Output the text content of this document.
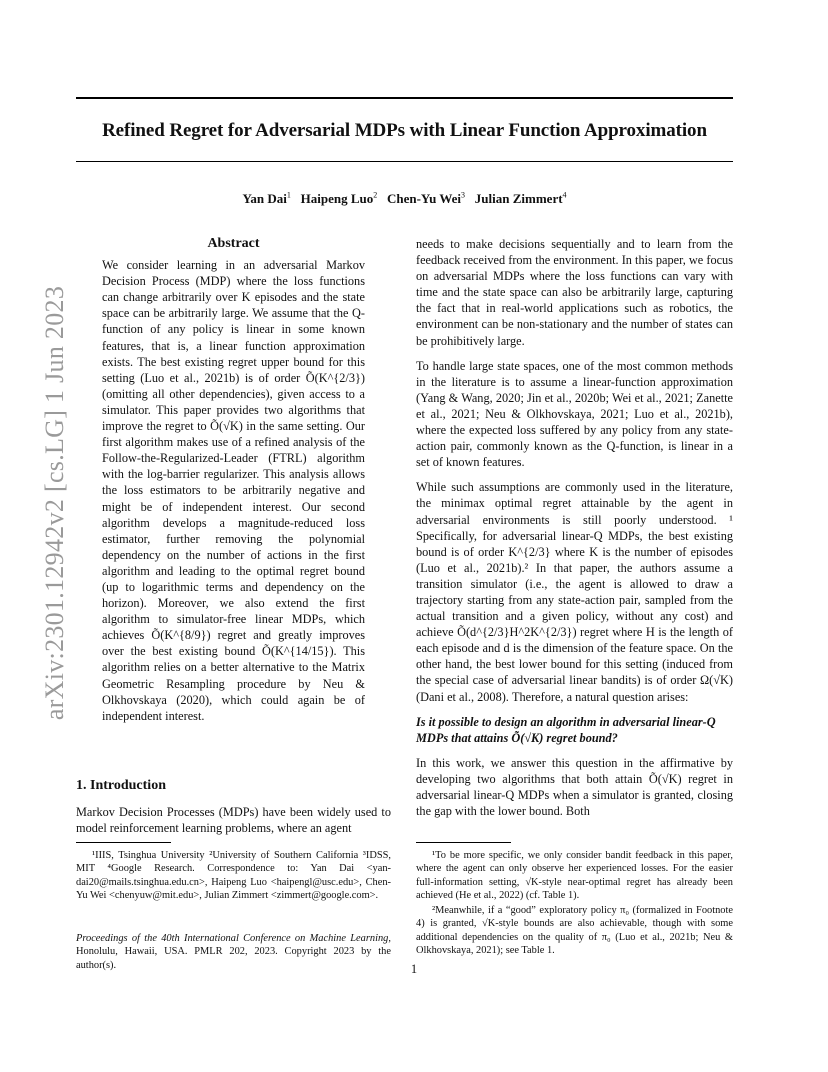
Refined Regret for Adversarial MDPs with Linear Function Approximation
Yan Dai$^1$ Haipeng Luo$^2$ Chen-Yu Wei$^3$ Julian Zimmert$^4$
arXiv:2301.12942v2 [cs.LG] 1 Jun 2023

Abstract

We consider learning in an adversarial Markov Decision Process (MDP) where the loss functions can change arbitrarily over K episodes and the state space can be arbitrarily large. We assume that the Q-function of any policy is linear in some known features, that is, a linear function approximation exists. The best existing regret upper bound for this setting (Luo et al., 2021b) is of order Õ(K^{2/3}) (omitting all other dependencies), given access to a simulator. This paper provides two algorithms that improve the regret to Õ(√K) in the same setting. Our first algorithm makes use of a refined analysis of the Follow-the-Regularized-Leader (FTRL) algorithm with the log-barrier regularizer. This analysis allows the loss estimators to be arbitrarily negative and might be of independent interest. Our second algorithm develops a magnitude-reduced loss estimator, further removing the polynomial dependency on the number of actions in the first algorithm and leading to the optimal regret bound (up to logarithmic terms and dependency on the horizon). Moreover, we also extend the first algorithm to simulator-free linear MDPs, which achieves Õ(K^{8/9}) regret and greatly improves over the best existing bound Õ(K^{14/15}). This algorithm relies on a better alternative to the Matrix Geometric Resampling procedure by Neu & Olkhovskaya (2020), which could again be of independent interest.

1. Introduction

Markov Decision Processes (MDPs) have been widely used to model reinforcement learning problems, where an agent

needs to make decisions sequentially and to learn from the feedback received from the environment. In this paper, we focus on adversarial MDPs where the loss functions can vary with time and the state space can also be arbitrarily large, capturing the fact that in real-world applications such as robotics, the environment can be non-stationary and the number of states can be prohibitively large.

To handle large state spaces, one of the most common methods in the literature is to assume a linear-function approximation (Yang & Wang, 2020; Jin et al., 2020b; Wei et al., 2021; Zanette et al., 2021; Neu & Olkhovskaya, 2021; Luo et al., 2021b), where the expected loss suffered by any policy from any state-action pair, commonly known as the Q-function, is linear in a set of known features.

While such assumptions are commonly used in the literature, the minimax optimal regret attainable by the agent in adversarial environments is still poorly understood. ¹ Specifically, for adversarial linear-Q MDPs, the best existing bound is of order K^{2/3} where K is the number of episodes (Luo et al., 2021b).² In that paper, the authors assume a transition simulator (i.e., the agent is allowed to draw a trajectory starting from any state-action pair, sampled from the actual transition and a given policy, without any cost) and achieve Õ(d^{2/3}H^2K^{2/3}) regret where H is the length of each episode and d is the dimension of the feature space. On the other hand, the best lower bound for this setting (induced from the special case of adversarial linear bandits) is of order Ω(√K) (Dani et al., 2008). Therefore, a natural question arises:

Is it possible to design an algorithm in adversarial linear-Q MDPs that attains Õ(√K) regret bound?

In this work, we answer this question in the affirmative by developing two algorithms that both attain Õ(√K) regret in adversarial linear-Q MDPs when a simulator is granted, closing the gap with the lower bound. Both

¹IIIS, Tsinghua University ²University of Southern California ³IDSS, MIT ⁴Google Research. Correspondence to: Yan Dai <yan-dai20@mails.tsinghua.edu.cn>, Haipeng Luo <haipengl@usc.edu>, Chen-Yu Wei <chenyuw@mit.edu>, Julian Zimmert <zimmert@google.com>.

Proceedings of the 40th International Conference on Machine Learning, Honolulu, Hawaii, USA. PMLR 202, 2023. Copyright 2023 by the author(s).

¹To be more specific, we only consider bandit feedback in this paper, where the agent can only observe her experienced losses. For the easier full-information setting, √K-style near-optimal regret has already been achieved (He et al., 2022) (cf. Table 1).

²Meanwhile, if a “good” exploratory policy π₀ (formalized in Footnote 4) is granted, √K-style bounds are also achievable, though with some additional dependencies on the quality of π₀ (Luo et al., 2021b; Neu & Olkhovskaya, 2021); see Table 1.

1
